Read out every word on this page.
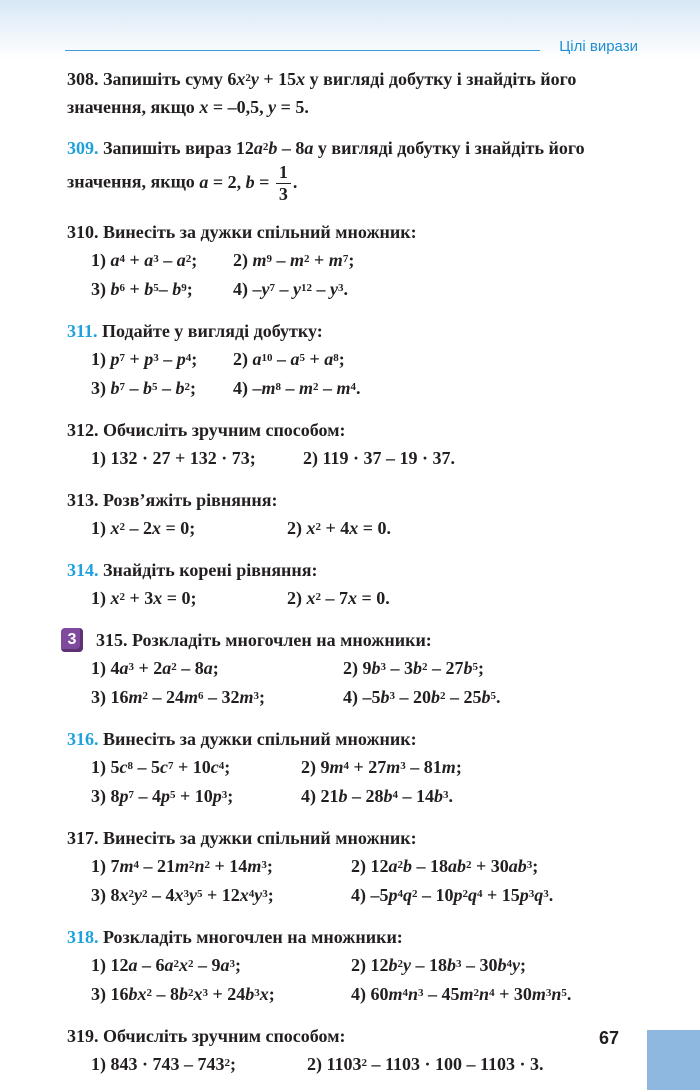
Цілі вирази

308. Запишіть суму $6x^2y + 15x$ у вигляді добутку і знайдіть його значення, якщо x = –0,5, y = 5.

309. Запишіть вираз $12a^2b - 8a$ у вигляді добутку і знайдіть його значення, якщо a = 2, $b = \frac{1}{3}$ .

310. Винесіть за дужки спільний множник:

1) $a^4 + a^3 - a^2$;	2) $m^9 - m^2 + m^7$;
3) $b^6 + b^5-$ $b^9$;	4) $-y^7 - y^{12} - y^3$.

311. Подайте у вигляді добутку:

1) $p^7 + p^3 - p^4$;	2) $a^{10} - a^5 + a^8$;
3) $b^7 - b^5 - b^2$;	4) $-m^8 - m^2 - m^4$.

312. Обчисліть зручним способом:

1) 132 · 27 + 132 · 73;	2) 119 · 37 – 19 · 37.

313. Розв’яжіть рівняння:

1) $x^2 - 2x = 0$;	2) $x^2 + 4x = 0$.

314. Знайдіть корені рівняння:

1) $x^2 + 3x = 0$;	2) $x^2 - 7x = 0$.

3	315. Розкладіть многочлен на множники:

1) $4a^3 + 2a^2 - 8a$;	2) $9b^3 - 3b^2 - 27b^5$;
3) $16m^2 - 24m^6 - 32m^3$;	4) $-5b^3 - 20b^2 - 25b^5$.

316. Винесіть за дужки спільний множник:

1) $5c^8 - 5c^7 + 10c^4$;	2) $9m^4 + 27m^3 - 81m$;
3) $8p^7 - 4p^5 + 10p^3$;	4) $21b - 28b^4 - 14b^3$.

317. Винесіть за дужки спільний множник:

1) $7m^4 - 21m^2n^2 + 14m^3$;	2) $12a^2b - 18ab^2 + 30ab^3$;
3) $8x^2y^2 - 4x^3y^5 + 12x^4y^3$;	4) $-5p^4q^2 - 10p^2q^4 + 15p^3q^3$.

318. Розкладіть многочлен на множники:

1) $12a - 6a^2x^2 - 9a^3$;	2) $12b^2y - 18b^3 - 30b^4y$;
3) $16bx^2 - 8b^2x^3 + 24b^3x$;	4) $60m^4n^3 - 45m^2n^4 + 30m^3n^5$.

319. Обчисліть зручним способом:

1) $843 \cdot 743 - 743^2$;	2) 1103$^2$ – 1103 · 100 – 1103 · 3.
67
